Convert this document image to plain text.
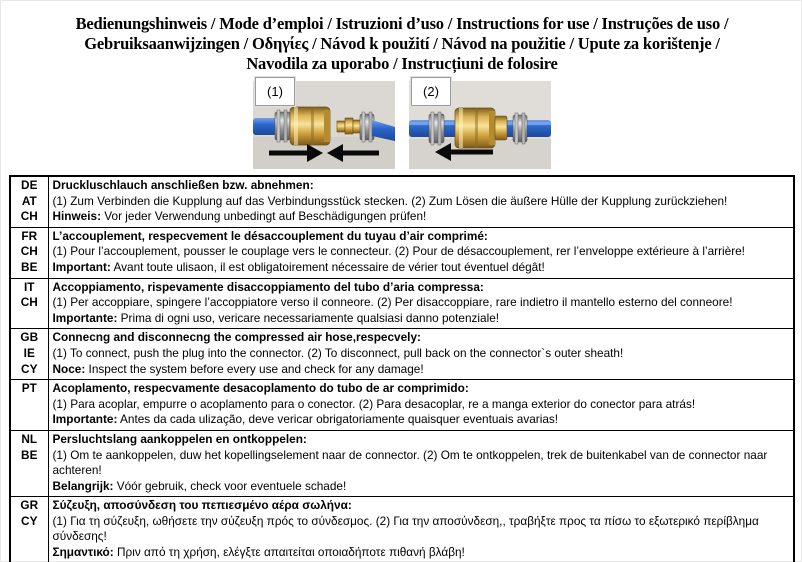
Bedienungshinweis / Mode d’emploi / Istruzioni d’uso / Instructions for use / Instruções de uso /
Gebruiksaanwijzingen / Οδηγίες / Návod k použití / Návod na použitie / Upute za korištenje /
Navodila za uporabo / Instrucțiuni de folosire
(1)	(2)
DE
AT
CH

Druckluschlauch anschließen bzw. abnehmen:
(1) Zum Verbinden die Kupplung auf das Verbindungsstück stecken. (2) Zum Lösen die äußere Hülle der Kupplung zurückziehen!
Hinweis: Vor jeder Verwendung unbedingt auf Beschädigungen prüfen!

FR
CH
BE

L’accouplement, respecvement le désaccouplement du tuyau d’air comprimé:
(1) Pour l’accouplement, pousser le couplage vers le connecteur. (2) Pour de désaccouplement, rer l’enveloppe extérieure à l’arrière!
Important: Avant toute ulisaon, il est obligatoirement nécessaire de vérier tout éventuel dégât!

IT
CH

Accoppiamento, rispevamente disaccoppiamento del tubo d’aria compressa:
(1) Per accoppiare, spingere l’accoppiatore verso il conneore. (2) Per disaccoppiare, rare indietro il mantello esterno del conneore!
Importante: Prima di ogni uso, vericare necessariamente qualsiasi danno potenziale!

GB
IE
CY

Connecng and disconnecng the compressed air hose,respecvely:
(1) To connect, push the plug into the connector. (2) To disconnect, pull back on the connector`s outer sheath!
Noce: Inspect the system before every use and check for any damage!

PT	Acoplamento, respecvamente desacoplamento do tubo de ar comprimido:
(1) Para acoplar, empurre o acoplamento para o conector. (2) Para desacoplar, re a manga exterior do conector para atrás!
Importante: Antes da cada ulização, deve vericar obrigatoriamente quaisquer eventuais avarias!

NL
BE

Persluchtslang aankoppelen en ontkoppelen:
(1) Om te aankoppelen, duw het kopellingselement naar de connector. (2) Om te ontkoppelen, trek de buitenkabel van de connector naar achteren!
Belangrijk: Vóór gebruik, check voor eventuele schade!

GR
CY

Σύζευξη, αποσύνδεση του πεπιεσμένο αέρα σωλήνα:
(1) Για τη σύζευξη, ωθήσετε την σύζευξη πρός το σύνδεσμος. (2) Για την αποσύνδεση,, τραβήξτε προς τα πίσω το εξωτερικό περίβλημα σύνδεσης!
Σημαντικό: Πριν από τη χρήση, ελέγξτε απαιτείται οποιαδήποτε πιθανή βλάβη!
